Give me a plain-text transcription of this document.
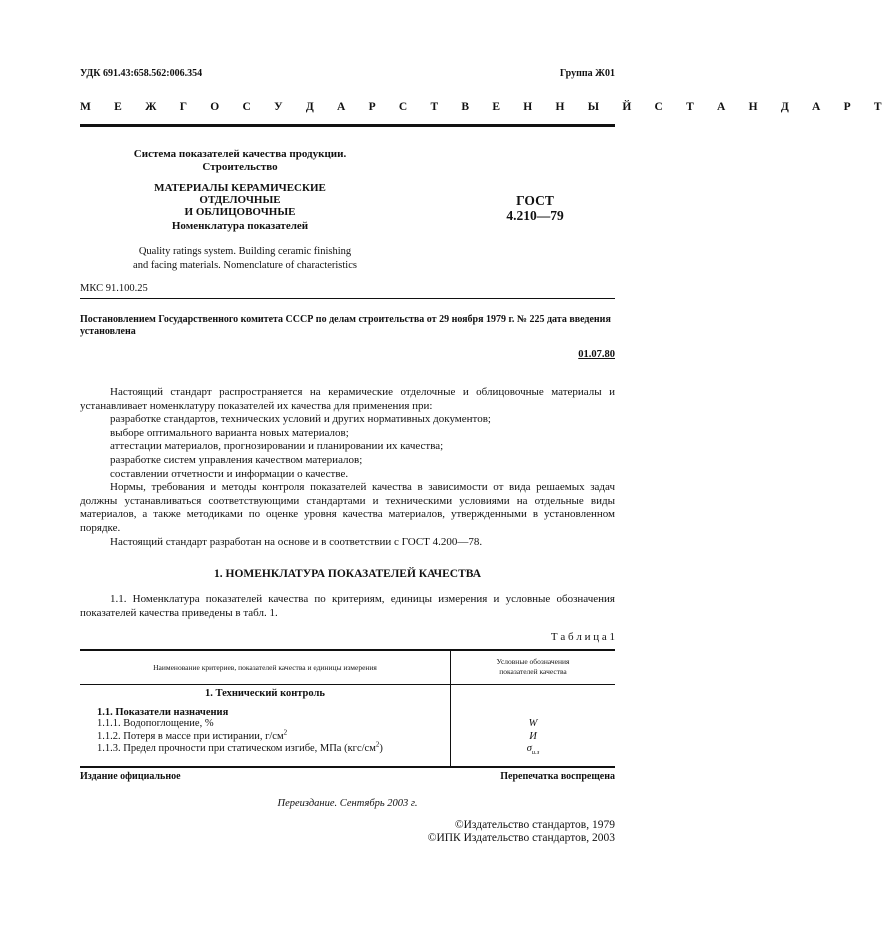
УДК 691.43:658.562:006.354	Группа Ж01
М Е Ж Г О С У Д А Р С Т В Е Н Н Ы Й С Т А Н Д А Р Т
Система показателей качества продукции.
Строительство
МАТЕРИАЛЫ КЕРАМИЧЕСКИЕ ОТДЕЛОЧНЫЕ
И ОБЛИЦОВОЧНЫЕ
Номенклатура показателей
Quality ratings system. Building ceramic finishing
and facing materials. Nomenclature of characteristics
ГОСТ
4.210—79
МКС 91.100.25
Постановлением Государственного комитета СССР по делам строительства от 29 ноября 1979 г. № 225 дата введения установлена
01.07.80

Настоящий стандарт распространяется на керамические отделочные и облицовочные материалы и устанавливает номенклатуру показателей их качества для применения при:

разработке стандартов, технических условий и других нормативных документов;

выборе оптимального варианта новых материалов;

аттестации материалов, прогнозировании и планировании их качества;

разработке систем управления качеством материалов;

составлении отчетности и информации о качестве.

Нормы, требования и методы контроля показателей качества в зависимости от вида решаемых задач должны устанавливаться соответствующими стандартами и техническими условиями на отдельные виды материалов, а также методиками по оценке уровня качества материалов, утвержденными в установленном порядке.

Настоящий стандарт разработан на основе и в соответствии с ГОСТ 4.200—78.

1. НОМЕНКЛАТУРА ПОКАЗАТЕЛЕЙ КАЧЕСТВА

1.1. Номенклатура показателей качества по критериям, единицы измерения и условные обозначения показателей качества приведены в табл. 1.

Т а б л и ц а 1
Наименование критериев, показателей качества и единицы измерения
Условные обозначения
показателей качества
1. Технический контроль
1.1. Показатели назначения
1.1.1. Водопоглощение, %
1.1.2. Потеря в массе при истирании, $г/см^2$
1.1.3. Предел прочности при статическом изгибе, МПа $(кгс/см^2)$
W
И
$\sigma_{и.з}$
Издание официальное	Перепечатка воспрещена
Переиздание. Сентябрь 2003 г.
©Издательство стандартов, 1979
©ИПК Издательство стандартов, 2003
